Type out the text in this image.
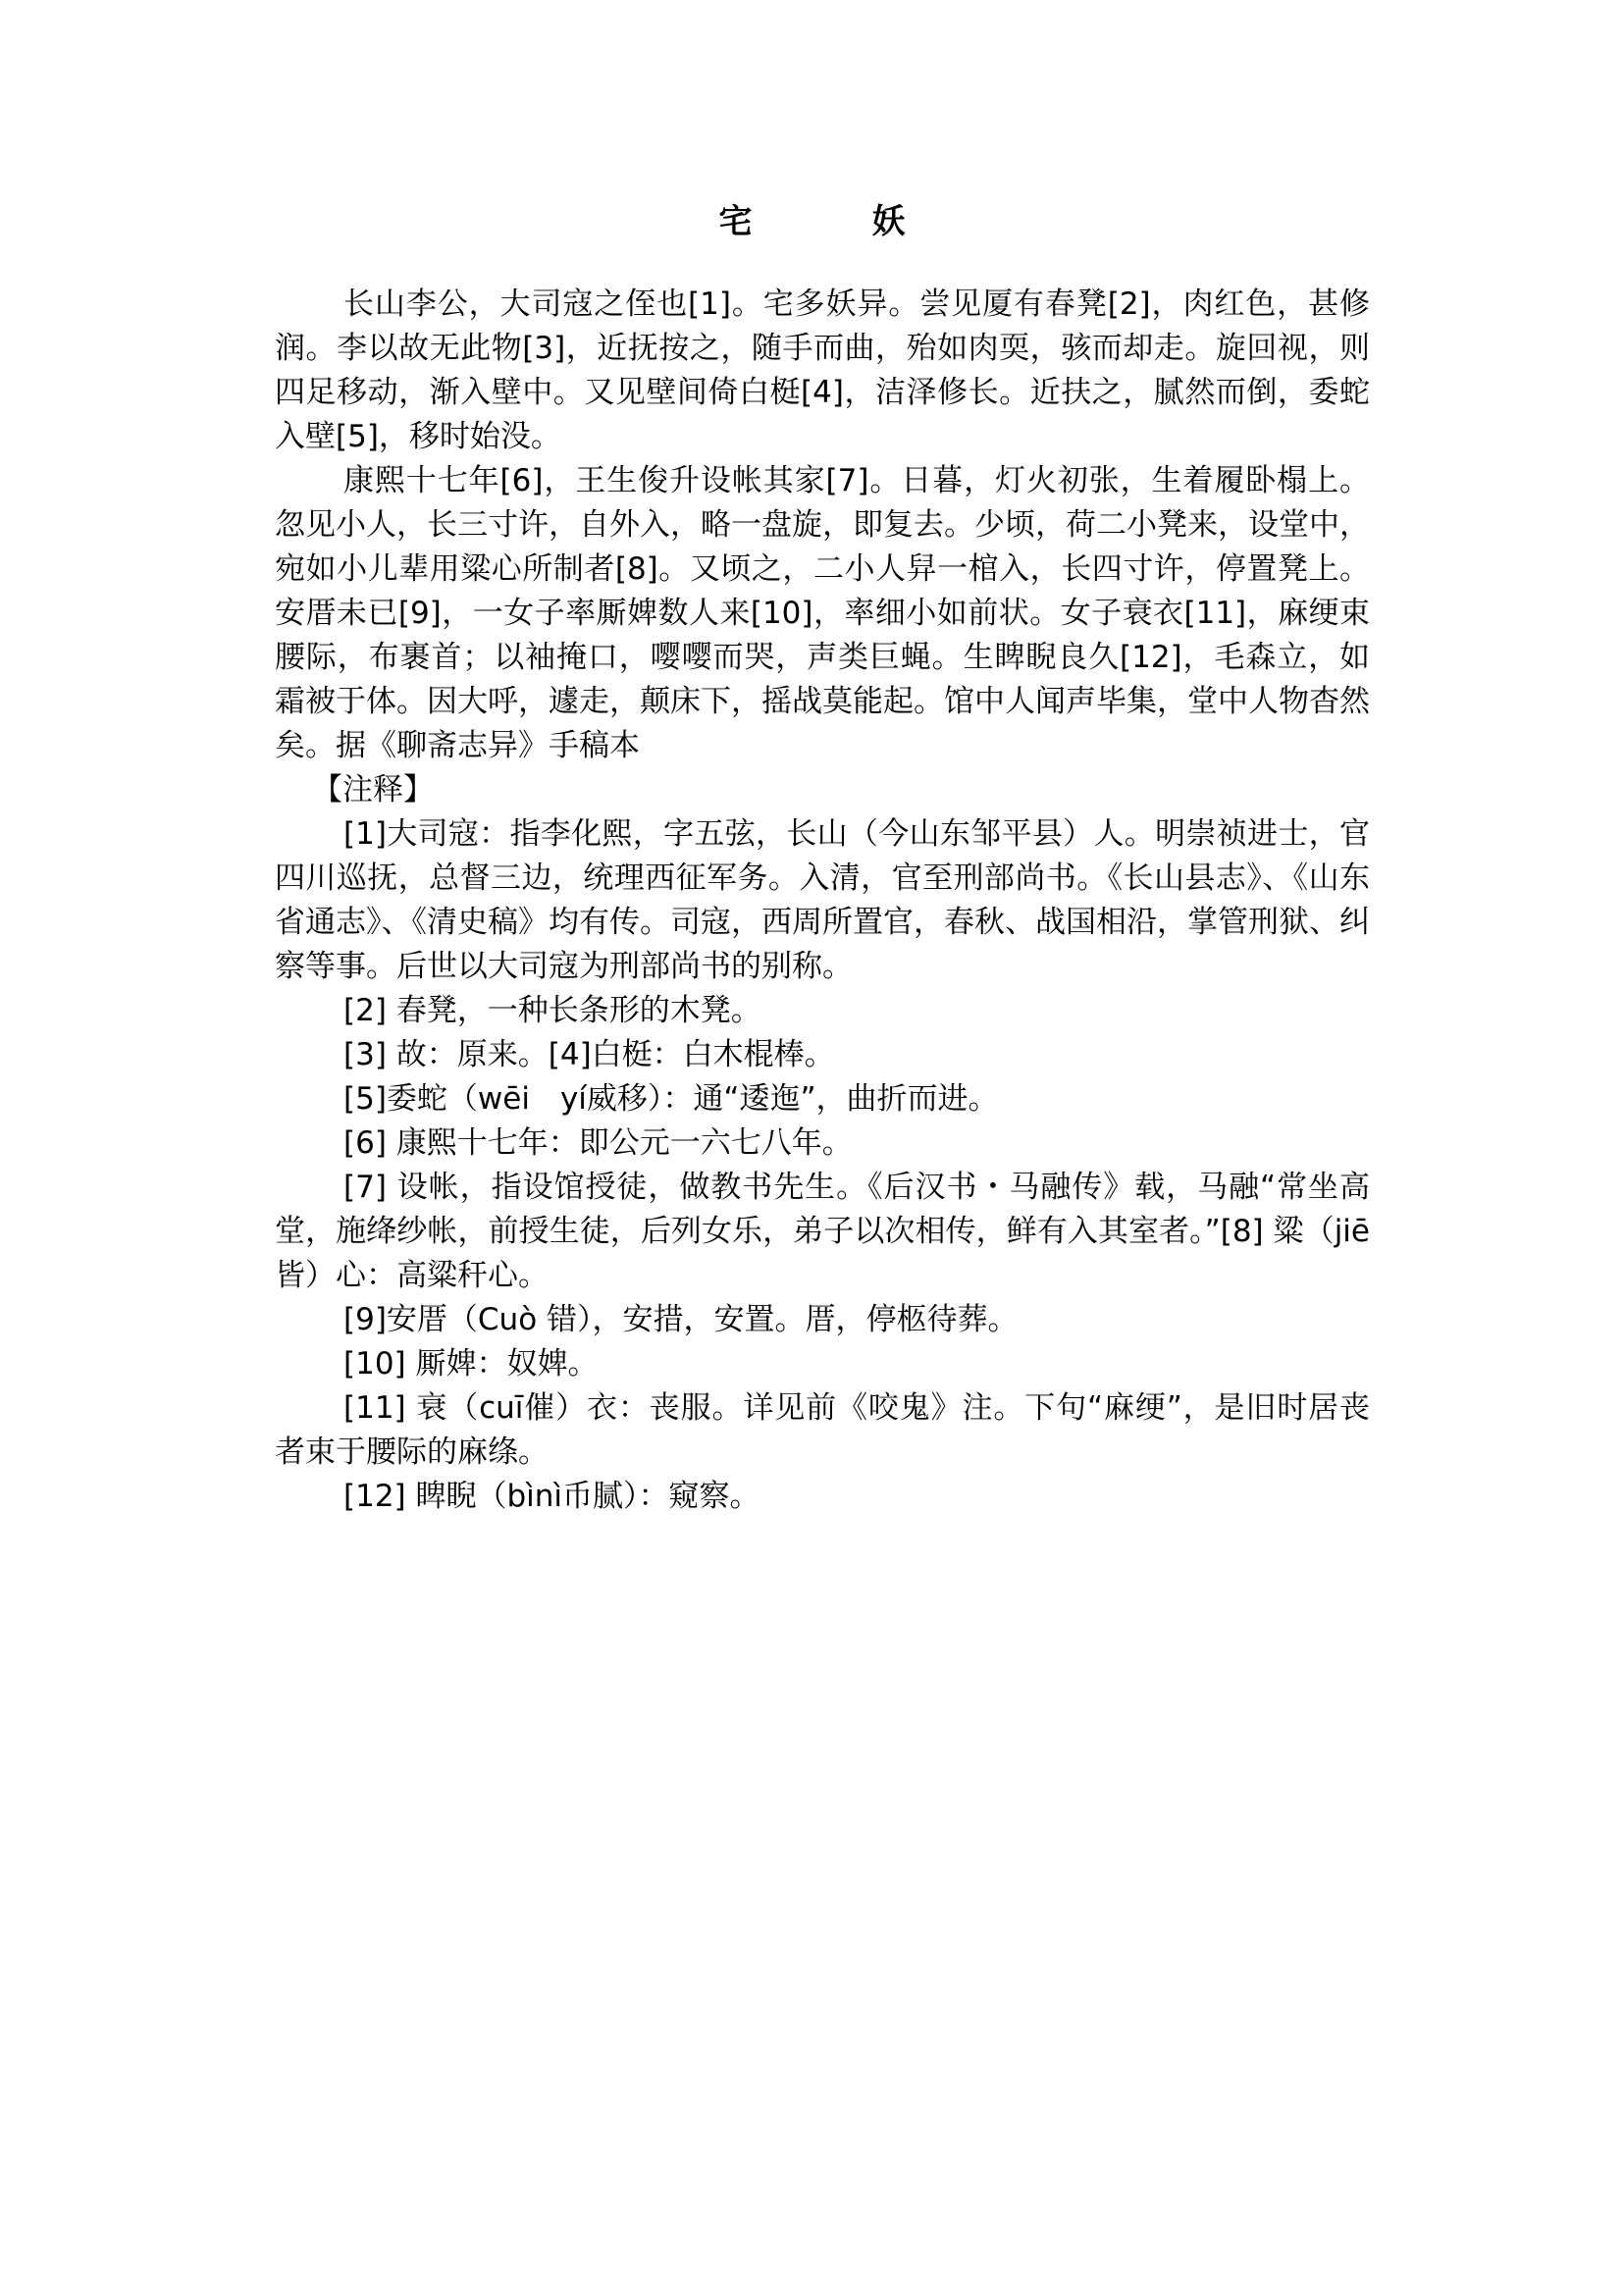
宅　妖

长山李公，大司寇之侄也[1]。宅多妖异。尝见厦有春凳[2]，肉红色，甚修润。李以故无此物[3]，近抚按之，随手而曲，殆如肉耎，骇而却走。旋回视，则四足移动，渐入壁中。又见壁间倚白梃[4]，洁泽修长。近扶之，腻然而倒，委蛇入壁[5]，移时始没。

康熙十七年[6]，王生俊升设帐其家[7]。日暮，灯火初张，生着履卧榻上。忽见小人，长三寸许，自外入，略一盘旋，即复去。少顷，荷二小凳来，设堂中，宛如小儿辈用粱心所制者[8]。又顷之，二小人舁一棺入，长四寸许，停置凳上。安厝未已[9]，一女子率厮婢数人来[10]，率细小如前状。女子衰衣[11]，麻绠束腰际，布裹首；以袖掩口，嘤嘤而哭，声类巨蝇。生睥睨良久[12]，毛森立，如霜被于体。因大呼，遽走，颠床下，摇战莫能起。馆中人闻声毕集，堂中人物杳然矣。据《聊斋志异》手稿本

【注释】

[1]大司寇：指李化熙，字五弦，长山（今山东邹平县）人。明崇祯进士，官四川巡抚，总督三边，统理西征军务。入清，官至刑部尚书。《长山县志》、《山东省通志》、《清史稿》均有传。司寇，西周所置官，春秋、战国相沿，掌管刑狱、纠察等事。后世以大司寇为刑部尚书的别称。

[2] 春凳，一种长条形的木凳。

[3] 故：原来。[4]白梃：白木棍棒。

[5]委蛇（wēi　yí威移）：通“逶迤”，曲折而进。

[6] 康熙十七年：即公元一六七八年。

[7] 设帐，指设馆授徒，做教书先生。《后汉书・马融传》载，马融“常坐高堂，施绛纱帐，前授生徒，后列女乐，弟子以次相传，鲜有入其室者。”[8] 粱（jiē皆）心：高粱秆心。

[9]安厝（Cuò 错），安措，安置。厝，停柩待葬。

[10] 厮婢：奴婢。

[11] 衰（cuī催）衣：丧服。详见前《咬鬼》注。下句“麻绠”，是旧时居丧者束于腰际的麻绦。

[12] 睥睨（bìnì币腻）：窥察。
